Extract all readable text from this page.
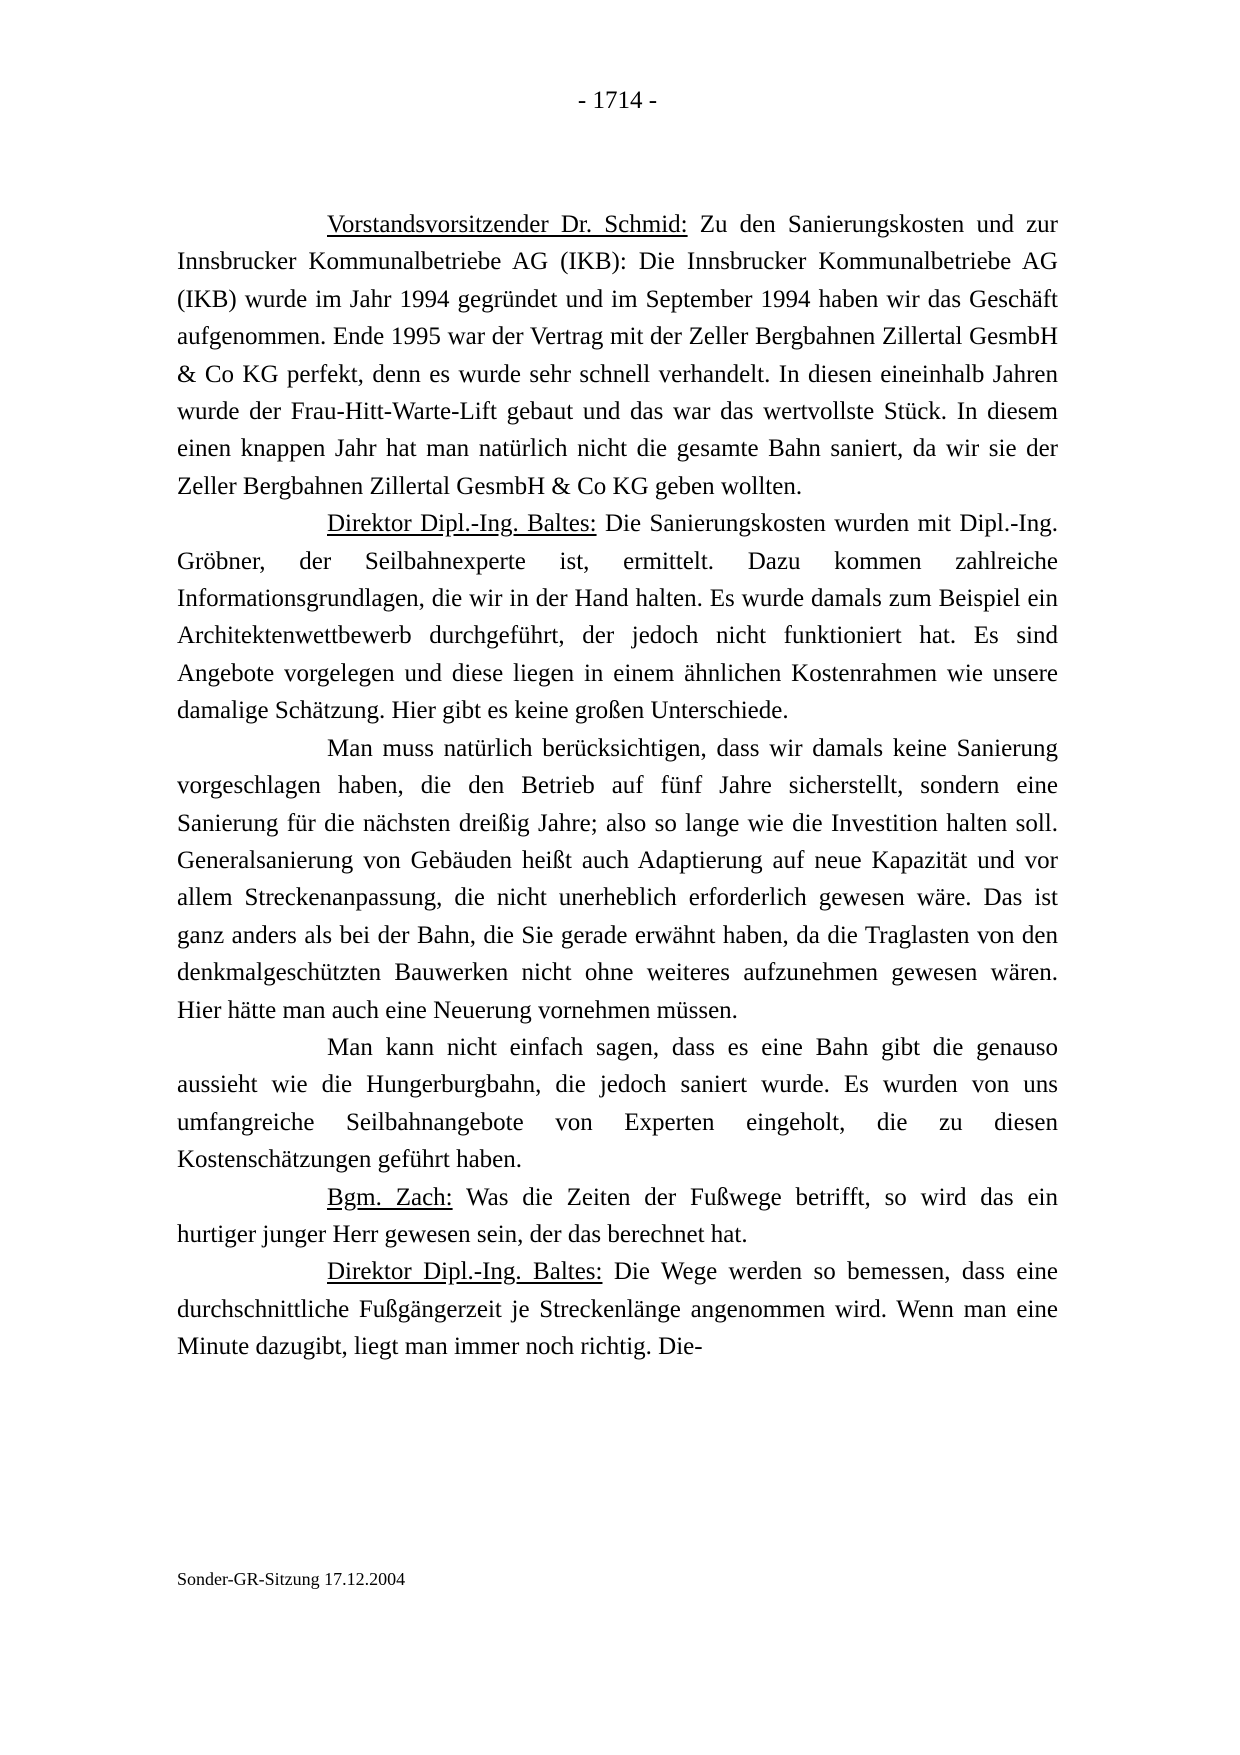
- 1714 -

Vorstandsvorsitzender Dr. Schmid: Zu den Sanierungskosten und zur Innsbrucker Kommunalbetriebe AG (IKB): Die Innsbrucker Kommunalbetriebe AG (IKB) wurde im Jahr 1994 gegründet und im September 1994 haben wir das Geschäft aufgenommen. Ende 1995 war der Vertrag mit der Zeller Bergbahnen Zillertal GesmbH & Co KG perfekt, denn es wurde sehr schnell verhandelt. In diesen eineinhalb Jahren wurde der Frau-Hitt-Warte-Lift gebaut und das war das wertvollste Stück. In diesem einen knappen Jahr hat man natürlich nicht die gesamte Bahn saniert, da wir sie der Zeller Bergbahnen Zillertal GesmbH & Co KG geben wollten.

Direktor Dipl.-Ing. Baltes: Die Sanierungskosten wurden mit Dipl.-Ing. Gröbner, der Seilbahnexperte ist, ermittelt. Dazu kommen zahlreiche Informationsgrundlagen, die wir in der Hand halten. Es wurde damals zum Beispiel ein Architektenwettbewerb durchgeführt, der jedoch nicht funktioniert hat. Es sind Angebote vorgelegen und diese liegen in einem ähnlichen Kostenrahmen wie unsere damalige Schätzung. Hier gibt es keine großen Unterschiede.

Man muss natürlich berücksichtigen, dass wir damals keine Sanierung vorgeschlagen haben, die den Betrieb auf fünf Jahre sicherstellt, sondern eine Sanierung für die nächsten dreißig Jahre; also so lange wie die Investition halten soll. Generalsanierung von Gebäuden heißt auch Adaptierung auf neue Kapazität und vor allem Streckenanpassung, die nicht unerheblich erforderlich gewesen wäre. Das ist ganz anders als bei der Bahn, die Sie gerade erwähnt haben, da die Traglasten von den denkmalgeschützten Bauwerken nicht ohne weiteres aufzunehmen gewesen wären. Hier hätte man auch eine Neuerung vornehmen müssen.

Man kann nicht einfach sagen, dass es eine Bahn gibt die genauso aussieht wie die Hungerburgbahn, die jedoch saniert wurde. Es wurden von uns umfangreiche Seilbahnangebote von Experten eingeholt, die zu diesen Kostenschätzungen geführt haben.

Bgm. Zach: Was die Zeiten der Fußwege betrifft, so wird das ein hurtiger junger Herr gewesen sein, der das berechnet hat.

Direktor Dipl.-Ing. Baltes: Die Wege werden so bemessen, dass eine durchschnittliche Fußgängerzeit je Streckenlänge angenommen wird. Wenn man eine Minute dazugibt, liegt man immer noch richtig. Die-

Sonder-GR-Sitzung 17.12.2004
